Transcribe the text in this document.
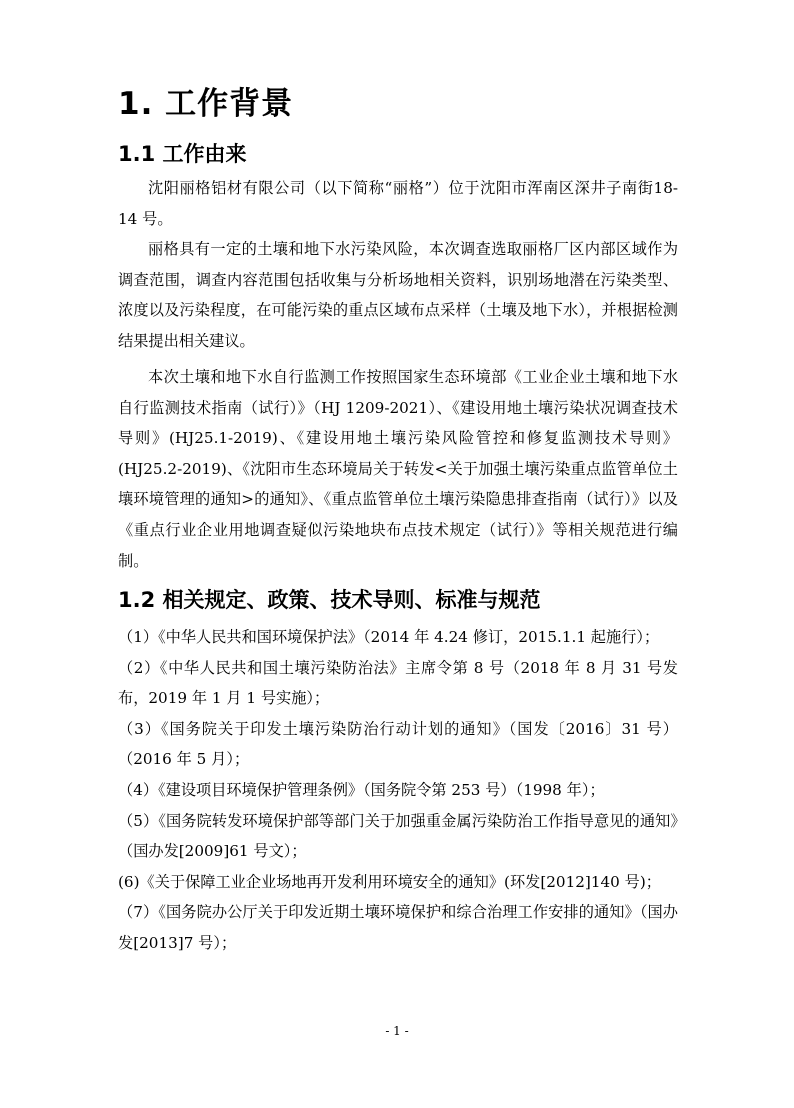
1. 工作背景
1.1 工作由来

沈阳丽格铝材有限公司（以下简称“丽格”）位于沈阳市浑南区深井子南街18-14 号。

丽格具有一定的土壤和地下水污染风险，本次调查选取丽格厂区内部区域作为调查范围，调查内容范围包括收集与分析场地相关资料，识别场地潜在污染类型、浓度以及污染程度，在可能污染的重点区域布点采样（土壤及地下水），并根据检测结果提出相关建议。

本次土壤和地下水自行监测工作按照国家生态环境部《工业企业土壤和地下水自行监测技术指南（试行）》（HJ 1209-2021）、《建设用地土壤污染状况调查技术导则》(HJ25.1-2019)、《建设用地土壤污染风险管控和修复监测技术导则》(HJ25.2-2019)、《沈阳市生态环境局关于转发<关于加强土壤污染重点监管单位土壤环境管理的通知>的通知》、《重点监管单位土壤污染隐患排查指南（试行）》以及《重点行业企业用地调查疑似污染地块布点技术规定（试行）》等相关规范进行编制。

1.2 相关规定、政策、技术导则、标准与规范
（1）《中华人民共和国环境保护法》（2014 年 4.24 修订，2015.1.1 起施行）；
（2）《中华人民共和国土壤污染防治法》主席令第 8 号（2018 年 8 月 31 号发布，2019 年 1 月 1 号实施）；
（3）《国务院关于印发土壤污染防治行动计划的通知》（国发〔2016〕31 号）（2016 年 5 月）；
（4）《建设项目环境保护管理条例》（国务院令第 253 号）（1998 年）；
（5）《国务院转发环境保护部等部门关于加强重金属污染防治工作指导意见的通知》（国办发[2009]61 号文）；
(6)《关于保障工业企业场地再开发利用环境安全的通知》(环发[2012]140 号)；
（7）《国务院办公厅关于印发近期土壤环境保护和综合治理工作安排的通知》（国办发[2013]7 号）；
- 1 -
